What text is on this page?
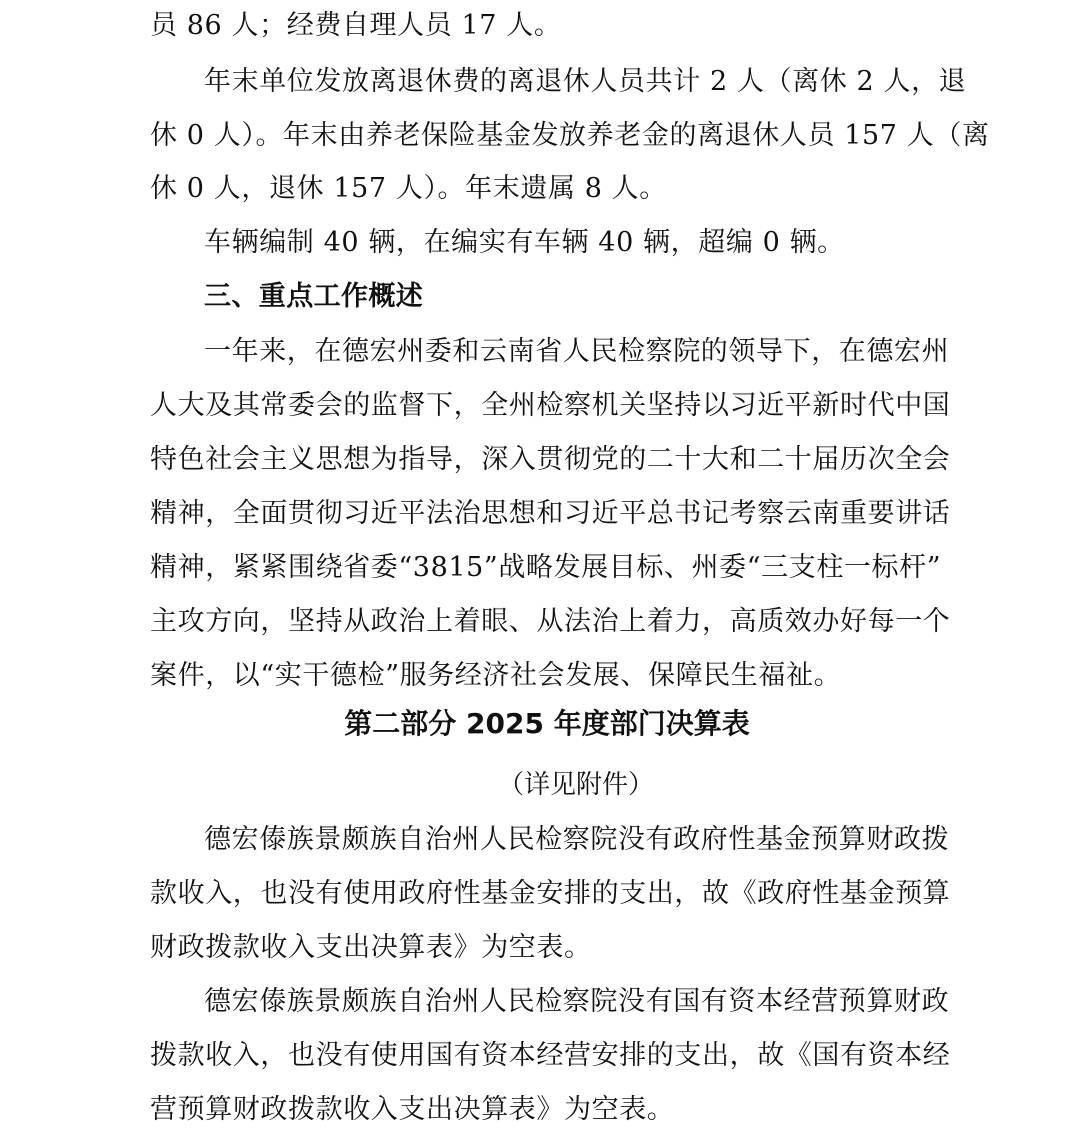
员 86 人；经费自理人员 17 人。
年末单位发放离退休费的离退休人员共计 2 人（离休 2 人，退
休 0 人）。年末由养老保险基金发放养老金的离退休人员 157 人（离
休 0 人，退休 157 人）。年末遗属 8 人。
车辆编制 40 辆，在编实有车辆 40 辆，超编 0 辆。
三、重点工作概述
一年来，在德宏州委和云南省人民检察院的领导下，在德宏州
人大及其常委会的监督下，全州检察机关坚持以习近平新时代中国
特色社会主义思想为指导，深入贯彻党的二十大和二十届历次全会
精神，全面贯彻习近平法治思想和习近平总书记考察云南重要讲话
精神，紧紧围绕省委“3815”战略发展目标、州委“三支柱一标杆”
主攻方向，坚持从政治上着眼、从法治上着力，高质效办好每一个
案件，以“实干德检”服务经济社会发展、保障民生福祉。
第二部分 2025 年度部门决算表
（详见附件）
德宏傣族景颇族自治州人民检察院没有政府性基金预算财政拨
款收入，也没有使用政府性基金安排的支出，故《政府性基金预算
财政拨款收入支出决算表》为空表。
德宏傣族景颇族自治州人民检察院没有国有资本经营预算财政
拨款收入，也没有使用国有资本经营安排的支出，故《国有资本经
营预算财政拨款收入支出决算表》为空表。
